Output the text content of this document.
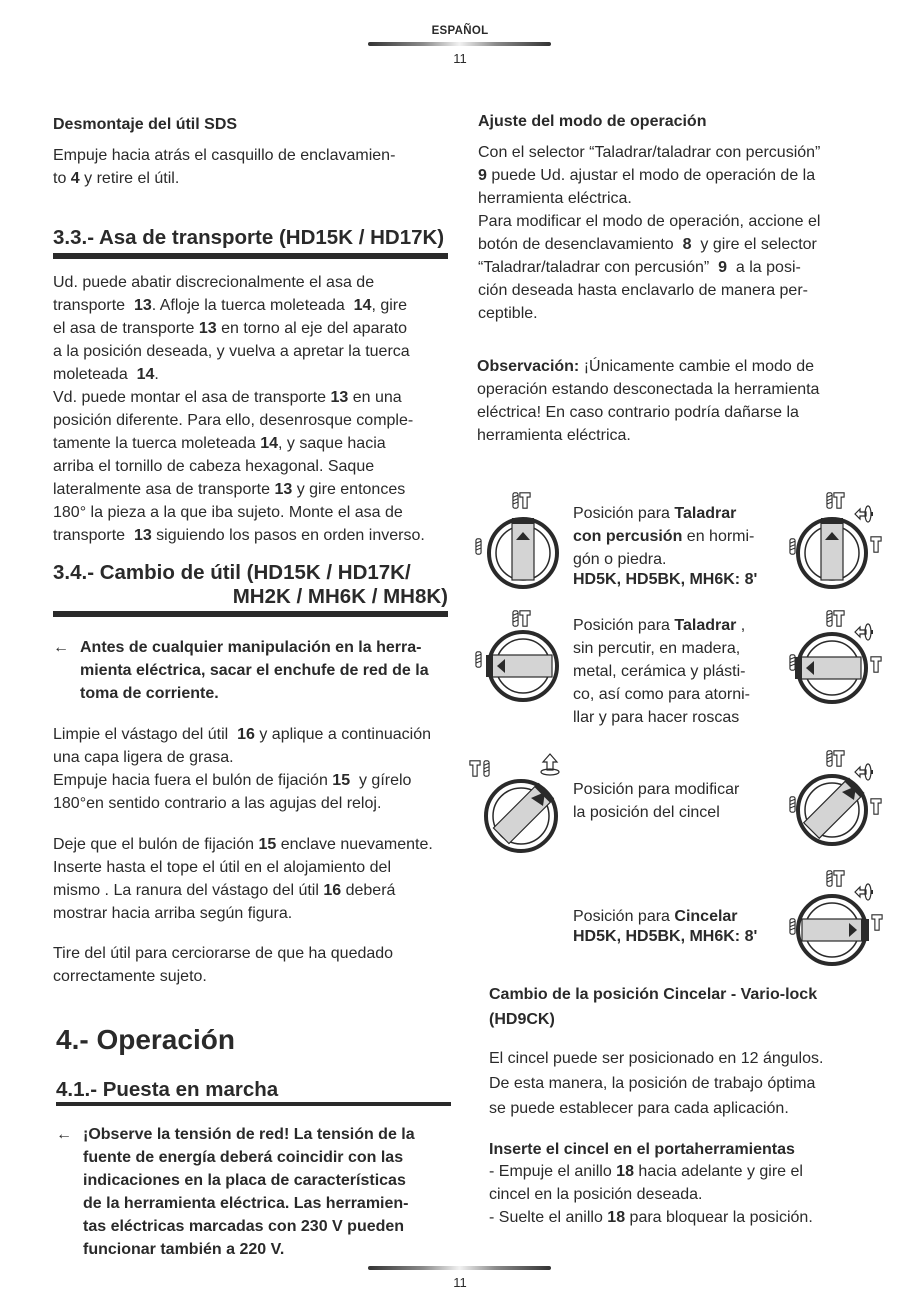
ESPAÑOL
11
Desmontaje del útil SDS
Empuje hacia atrás el casquillo de enclavamien-
to 4 y retire el útil.
3.3.- Asa de transporte (HD15K / HD17K)
Ud. puede abatir discrecionalmente el asa de
transporte  13. Afloje la tuerca moleteada  14, gire
el asa de transporte 13 en torno al eje del aparato
a la posición deseada, y vuelva a apretar la tuerca
moleteada  14.
Vd. puede montar el asa de transporte 13 en una
posición diferente. Para ello, desenrosque comple-
tamente la tuerca moleteada 14, y saque hacia
arriba el tornillo de cabeza hexagonal. Saque
lateralmente asa de transporte 13 y gire entonces
180° la pieza a la que iba sujeto. Monte el asa de
transporte  13 siguiendo los pasos en orden inverso.
3.4.- Cambio de útil (HD15K / HD17K/
MH2K / MH6K / MH8K)
← Antes de cualquier manipulación en la herra-
mienta eléctrica, sacar el enchufe de red de la
toma de corriente.
Limpie el vástago del útil  16 y aplique a continuación
una capa ligera de grasa.
Empuje hacia fuera el bulón de fijación 15  y gírelo
180°en sentido contrario a las agujas del reloj.
Deje que el bulón de fijación 15 enclave nuevamente.
Inserte hasta el tope el útil en el alojamiento del
mismo . La ranura del vástago del útil 16 deberá
mostrar hacia arriba según figura.
Tire del útil para cerciorarse de que ha quedado
correctamente sujeto.
4.- Operación
4.1.- Puesta en marcha
← ¡Observe la tensión de red! La tensión de la
fuente de energía deberá coincidir con las
indicaciones en la placa de características
de la herramienta eléctrica. Las herramien-
tas eléctricas marcadas con 230 V pueden
funcionar también a 220 V.
Ajuste del modo de operación
Con el selector “Taladrar/taladrar con percusión”
9 puede Ud. ajustar el modo de operación de la
herramienta eléctrica.
Para modificar el modo de operación, accione el
botón de desenclavamiento  8  y gire el selector
“Taladrar/taladrar con percusión”  9  a la posi-
ción deseada hasta enclavarlo de manera per-
ceptible.
Observación: ¡Únicamente cambie el modo de
operación estando desconectada la herramienta
eléctrica! En caso contrario podría dañarse la
herramienta eléctrica.
Posición para Taladrar
con percusión en hormi-
gón o piedra.
HD5K, HD5BK, MH6K: 8'
Posición para Taladrar ,
sin percutir, en madera,
metal, cerámica y plásti-
co, así como para atorni-
llar y para hacer roscas
Posición para modificar
la posición del cincel
Posición para Cincelar
HD5K, HD5BK, MH6K: 8'
Cambio de la posición Cincelar - Vario-lock
(HD9CK)
El cincel puede ser posicionado en 12 ángulos.
De esta manera, la posición de trabajo óptima
se puede establecer para cada aplicación.
Inserte el cincel en el portaherramientas
- Empuje el anillo 18 hacia adelante y gire el
cincel en la posición deseada.
- Suelte el anillo 18 para bloquear la posición.
11
